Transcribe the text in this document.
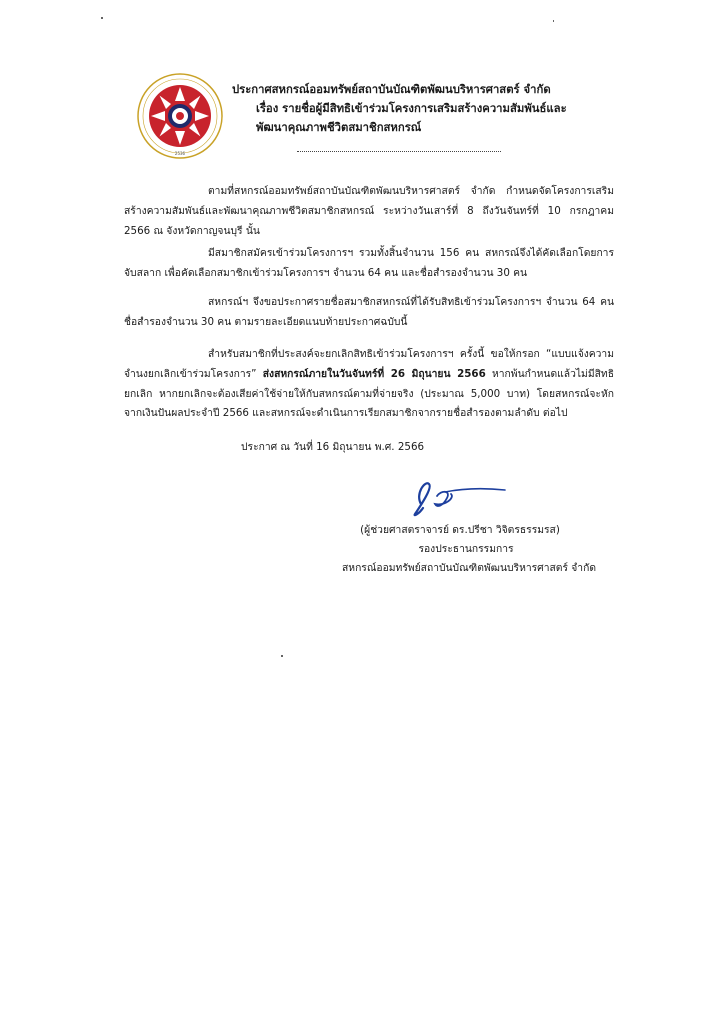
2536
ประกาศสหกรณ์ออมทรัพย์สถาบันบัณฑิตพัฒนบริหารศาสตร์ จำกัด
เรื่อง รายชื่อผู้มีสิทธิเข้าร่วมโครงการเสริมสร้างความสัมพันธ์และ
พัฒนาคุณภาพชีวิตสมาชิกสหกรณ์
ตามที่สหกรณ์ออมทรัพย์สถาบันบัณฑิตพัฒนบริหารศาสตร์ จำกัด กำหนดจัดโครงการเสริมสร้างความสัมพันธ์และพัฒนาคุณภาพชีวิตสมาชิกสหกรณ์ ระหว่างวันเสาร์ที่ 8 ถึงวันจันทร์ที่ 10 กรกฎาคม 2566 ณ จังหวัดกาญจนบุรี นั้น
มีสมาชิกสมัครเข้าร่วมโครงการฯ รวมทั้งสิ้นจำนวน 156 คน สหกรณ์จึงได้คัดเลือกโดยการจับสลาก เพื่อคัดเลือกสมาชิกเข้าร่วมโครงการฯ จำนวน 64 คน และชื่อสำรองจำนวน 30 คน
สหกรณ์ฯ จึงขอประกาศรายชื่อสมาชิกสหกรณ์ที่ได้รับสิทธิเข้าร่วมโครงการฯ จำนวน 64 คน ชื่อสำรองจำนวน 30 คน ตามรายละเอียดแนบท้ายประกาศฉบับนี้
สำหรับสมาชิกที่ประสงค์จะยกเลิกสิทธิเข้าร่วมโครงการฯ ครั้งนี้ ขอให้กรอก “แบบแจ้งความจำนงยกเลิกเข้าร่วมโครงการ” ส่งสหกรณ์ภายในวันจันทร์ที่ 26 มิถุนายน 2566 หากพ้นกำหนดแล้วไม่มีสิทธิยกเลิก หากยกเลิกจะต้องเสียค่าใช้จ่ายให้กับสหกรณ์ตามที่จ่ายจริง (ประมาณ 5,000 บาท) โดยสหกรณ์จะหักจากเงินปันผลประจำปี 2566 และสหกรณ์จะดำเนินการเรียกสมาชิกจากรายชื่อสำรองตามลำดับ ต่อไป
ประกาศ ณ วันที่ 16 มิถุนายน พ.ศ. 2566
(ผู้ช่วยศาสตราจารย์ ดร.ปรีชา วิจิตรธรรมรส)
รองประธานกรรมการ
สหกรณ์ออมทรัพย์สถาบันบัณฑิตพัฒนบริหารศาสตร์ จำกัด
